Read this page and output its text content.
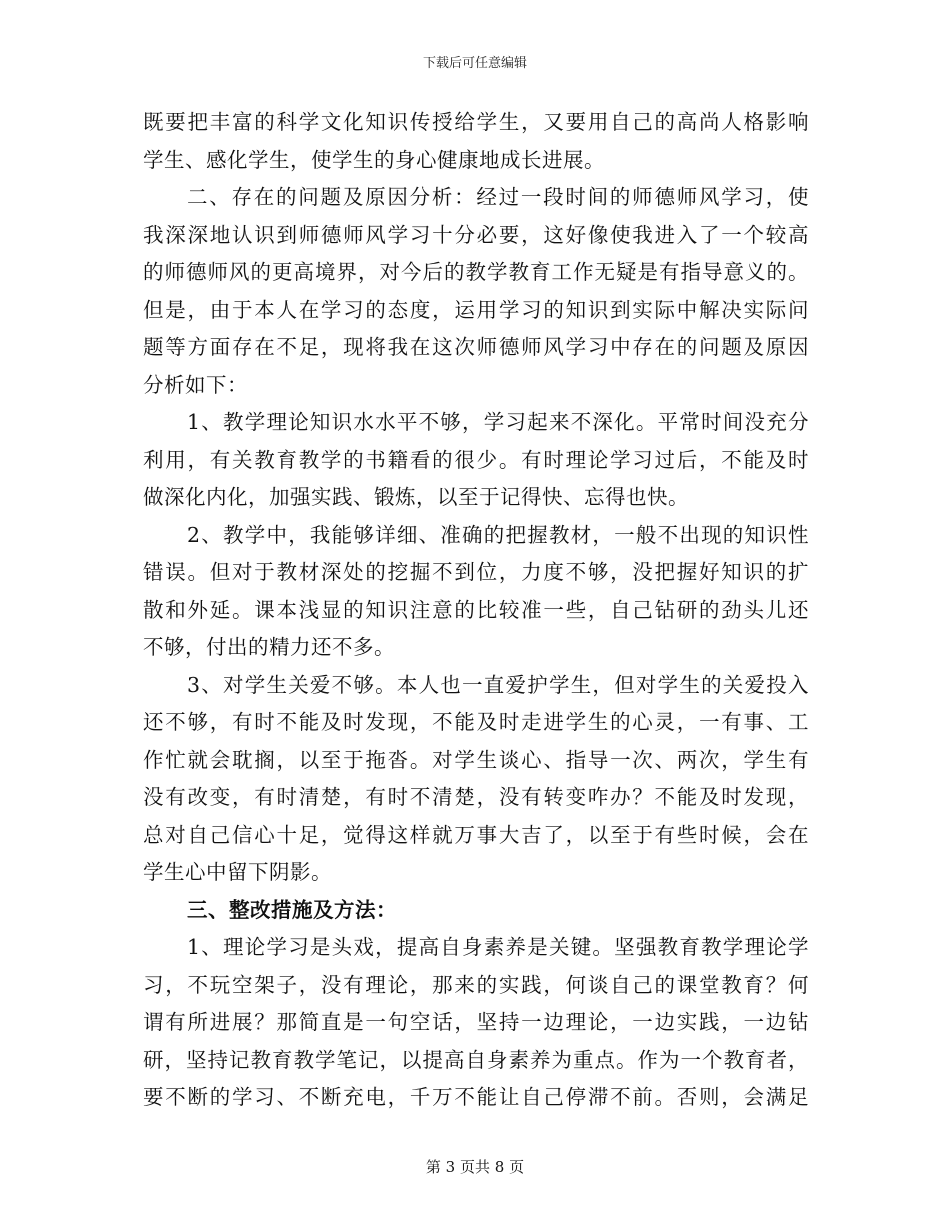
下载后可任意编辑
既要把丰富的科学文化知识传授给学生，又要用自己的高尚人格影响
学生、感化学生，使学生的身心健康地成长进展。
二、存在的问题及原因分析：经过一段时间的师德师风学习，使
我深深地认识到师德师风学习十分必要，这好像使我进入了一个较高
的师德师风的更高境界，对今后的教学教育工作无疑是有指导意义的。
但是，由于本人在学习的态度，运用学习的知识到实际中解决实际问
题等方面存在不足，现将我在这次师德师风学习中存在的问题及原因
分析如下：
1、教学理论知识水水平不够，学习起来不深化。平常时间没充分
利用，有关教育教学的书籍看的很少。有时理论学习过后，不能及时
做深化内化，加强实践、锻炼，以至于记得快、忘得也快。
2、教学中，我能够详细、准确的把握教材，一般不出现的知识性
错误。但对于教材深处的挖掘不到位，力度不够，没把握好知识的扩
散和外延。课本浅显的知识注意的比较准一些，自己钻研的劲头儿还
不够，付出的精力还不多。
3、对学生关爱不够。本人也一直爱护学生，但对学生的关爱投入
还不够，有时不能及时发现，不能及时走进学生的心灵，一有事、工
作忙就会耽搁，以至于拖沓。对学生谈心、指导一次、两次，学生有
没有改变，有时清楚，有时不清楚，没有转变咋办？不能及时发现，
总对自己信心十足，觉得这样就万事大吉了，以至于有些时候，会在
学生心中留下阴影。
三、整改措施及方法：
1、理论学习是头戏，提高自身素养是关键。坚强教育教学理论学
习，不玩空架子，没有理论，那来的实践，何谈自己的课堂教育？何
谓有所进展？那简直是一句空话，坚持一边理论，一边实践，一边钻
研，坚持记教育教学笔记，以提高自身素养为重点。作为一个教育者，
要不断的学习、不断充电，千万不能让自己停滞不前。否则，会满足
第 3 页共 8 页
